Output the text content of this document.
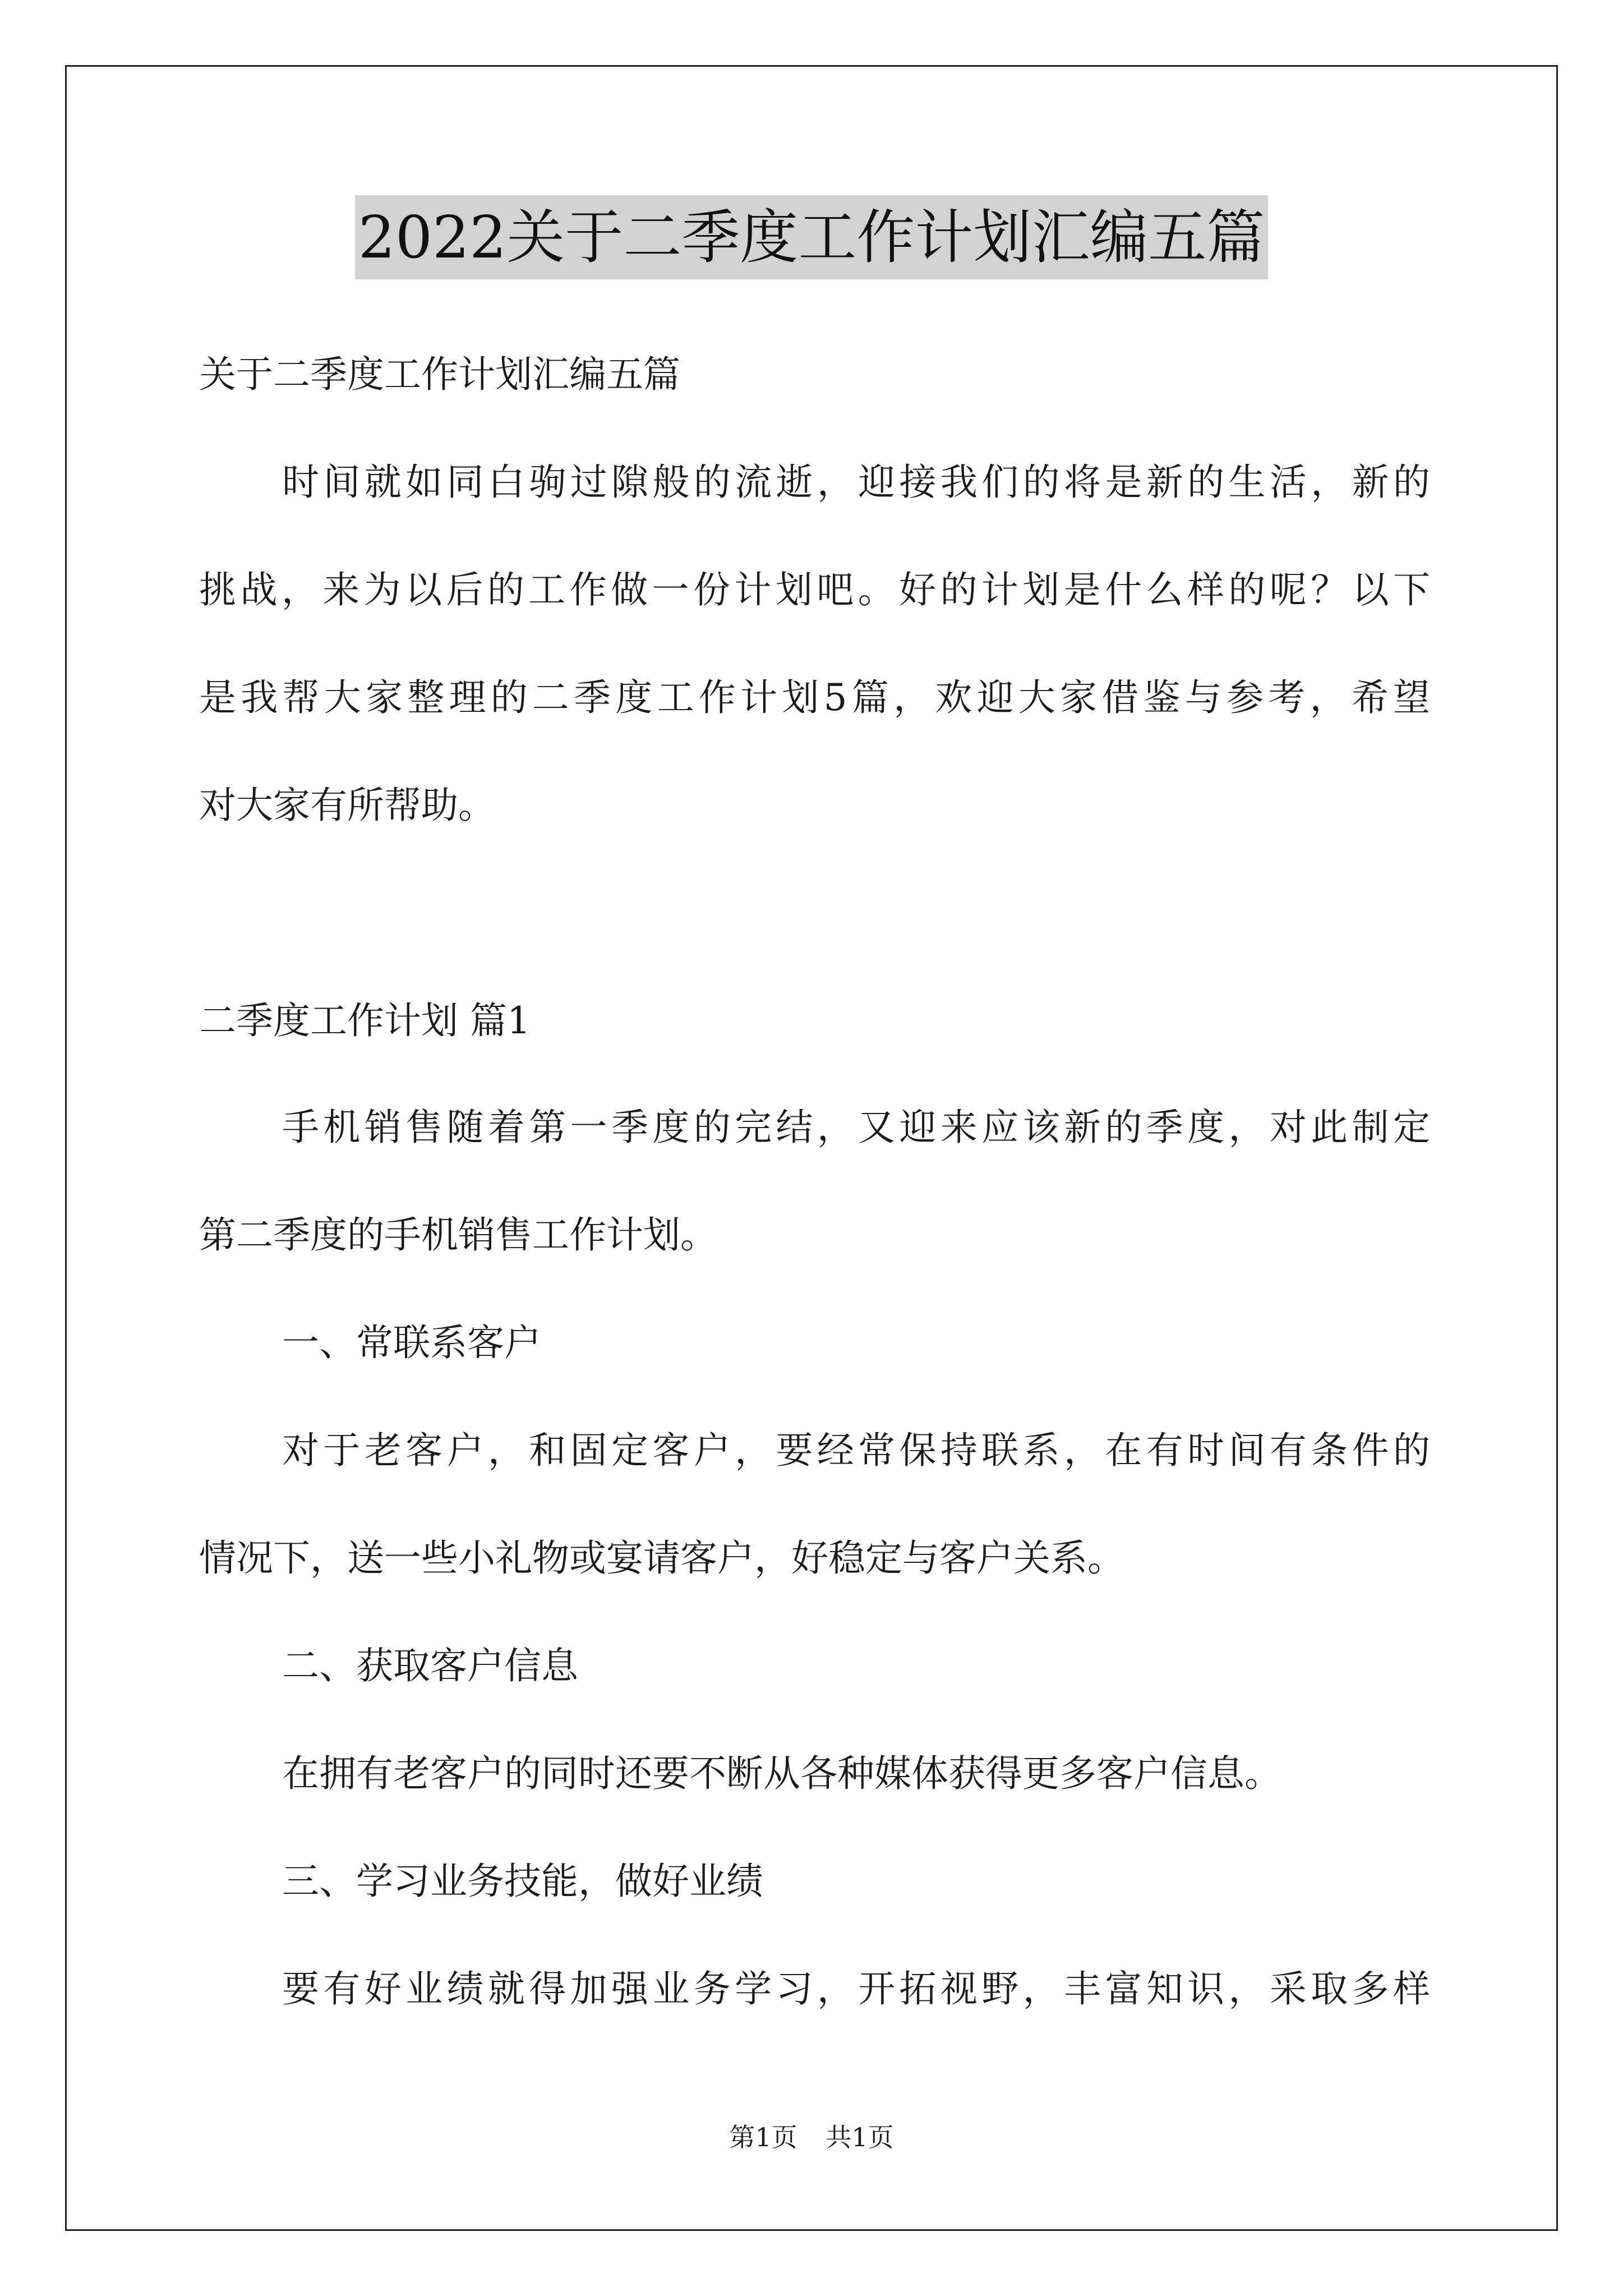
2022关于二季度工作计划汇编五篇
关于二季度工作计划汇编五篇
时间就如同白驹过隙般的流逝，迎接我们的将是新的生活，新的
挑战，来为以后的工作做一份计划吧。好的计划是什么样的呢？以下
是我帮大家整理的二季度工作计划5篇，欢迎大家借鉴与参考，希望
对大家有所帮助。
二季度工作计划 篇1
手机销售随着第一季度的完结，又迎来应该新的季度，对此制定
第二季度的手机销售工作计划。
一、常联系客户
对于老客户，和固定客户，要经常保持联系，在有时间有条件的
情况下，送一些小礼物或宴请客户，好稳定与客户关系。
二、获取客户信息
在拥有老客户的同时还要不断从各种媒体获得更多客户信息。
三、学习业务技能，做好业绩
要有好业绩就得加强业务学习，开拓视野，丰富知识，采取多样
第1页 共1页
